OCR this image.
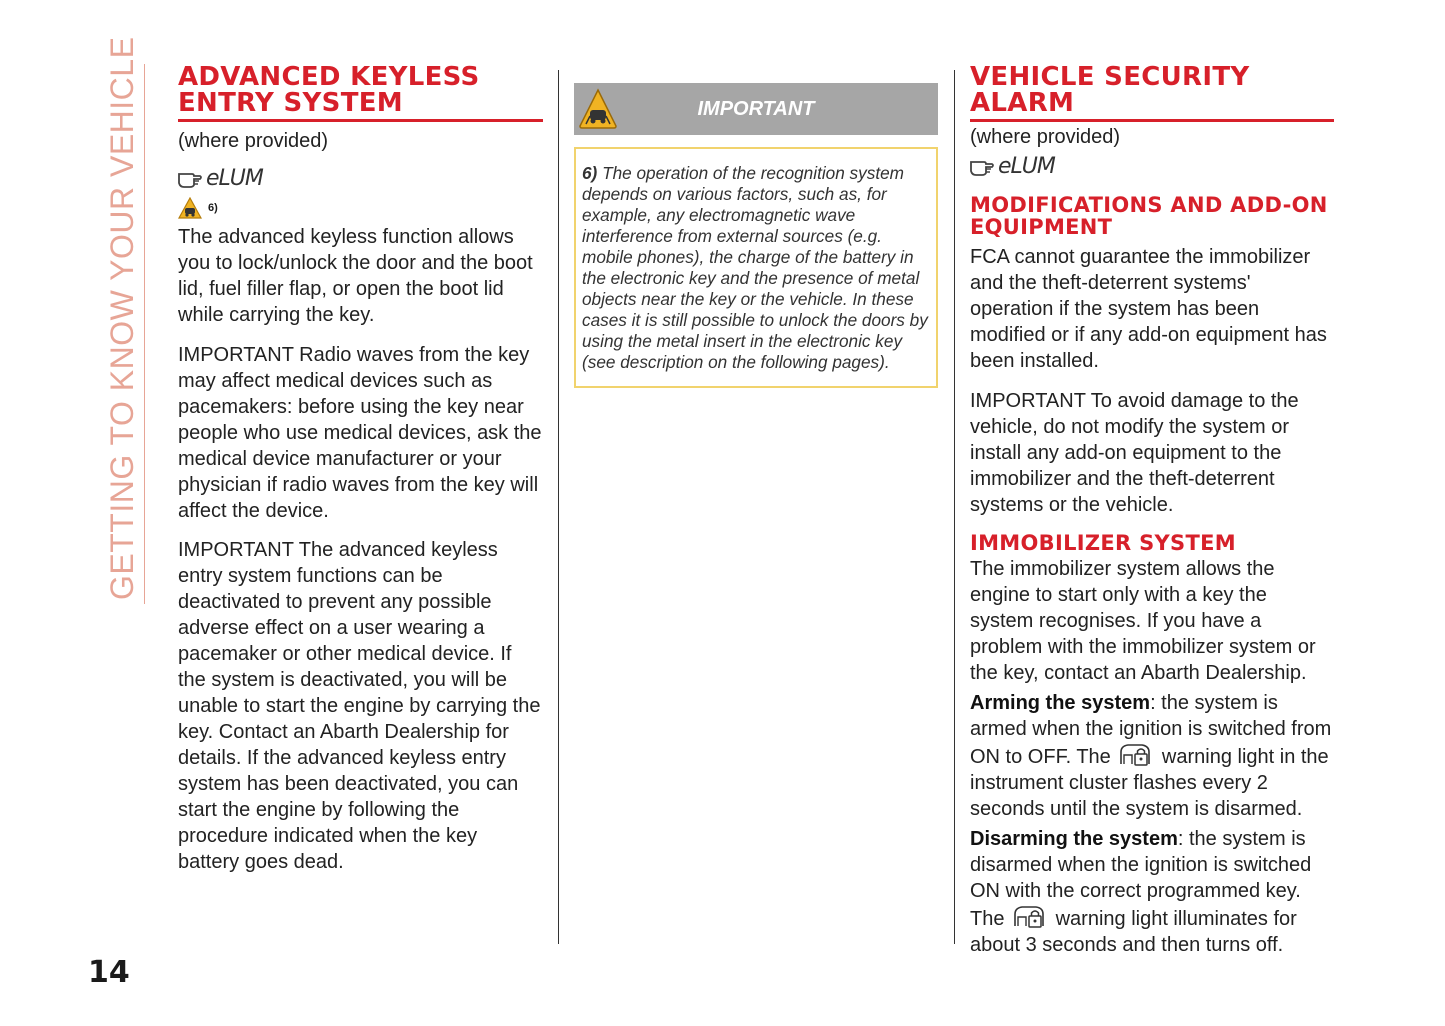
GETTING TO KNOW YOUR VEHICLE ADVANCED KEYLESS ENTRY SYSTEM

(where provided)

eLUM
6)

The advanced keyless function allows you to lock/unlock the door and the boot lid, fuel filler flap, or open the boot lid while carrying the key.

IMPORTANT Radio waves from the key may affect medical devices such as pacemakers: before using the key near people who use medical devices, ask the medical device manufacturer or your physician if radio waves from the key will affect the device.

IMPORTANT The advanced keyless entry system functions can be deactivated to prevent any possible adverse effect on a user wearing a pacemaker or other medical device. If the system is deactivated, you will be unable to start the engine by carrying the key. Contact an Abarth Dealership for details. If the advanced keyless entry system has been deactivated, you can start the engine by following the procedure indicated when the key battery goes dead.

IMPORTANT
6) The operation of the recognition system depends on various factors, such as, for example, any electromagnetic wave interference from external sources (e.g. mobile phones), the charge of the battery in the electronic key and the presence of metal objects near the key or the vehicle. In these cases it is still possible to unlock the doors by using the metal insert in the electronic key (see description on the following pages).
VEHICLE SECURITY ALARM

(where provided)

eLUM
MODIFICATIONS AND ADD-ON EQUIPMENT

FCA cannot guarantee the immobilizer and the theft-deterrent systems' operation if the system has been modified or if any add-on equipment has been installed.

IMPORTANT To avoid damage to the vehicle, do not modify the system or install any add-on equipment to the immobilizer and the theft-deterrent systems or the vehicle.

IMMOBILIZER SYSTEM

The immobilizer system allows the engine to start only with a key the system recognises. If you have a problem with the immobilizer system or the key, contact an Abarth Dealership.

Arming the system: the system is armed when the ignition is switched from ON to OFF. The	warning light in the instrument cluster flashes every 2 seconds until the system is disarmed.

Disarming the system: the system is disarmed when the ignition is switched ON with the correct programmed key. The	warning light illuminates for about 3 seconds and then turns off.

14
